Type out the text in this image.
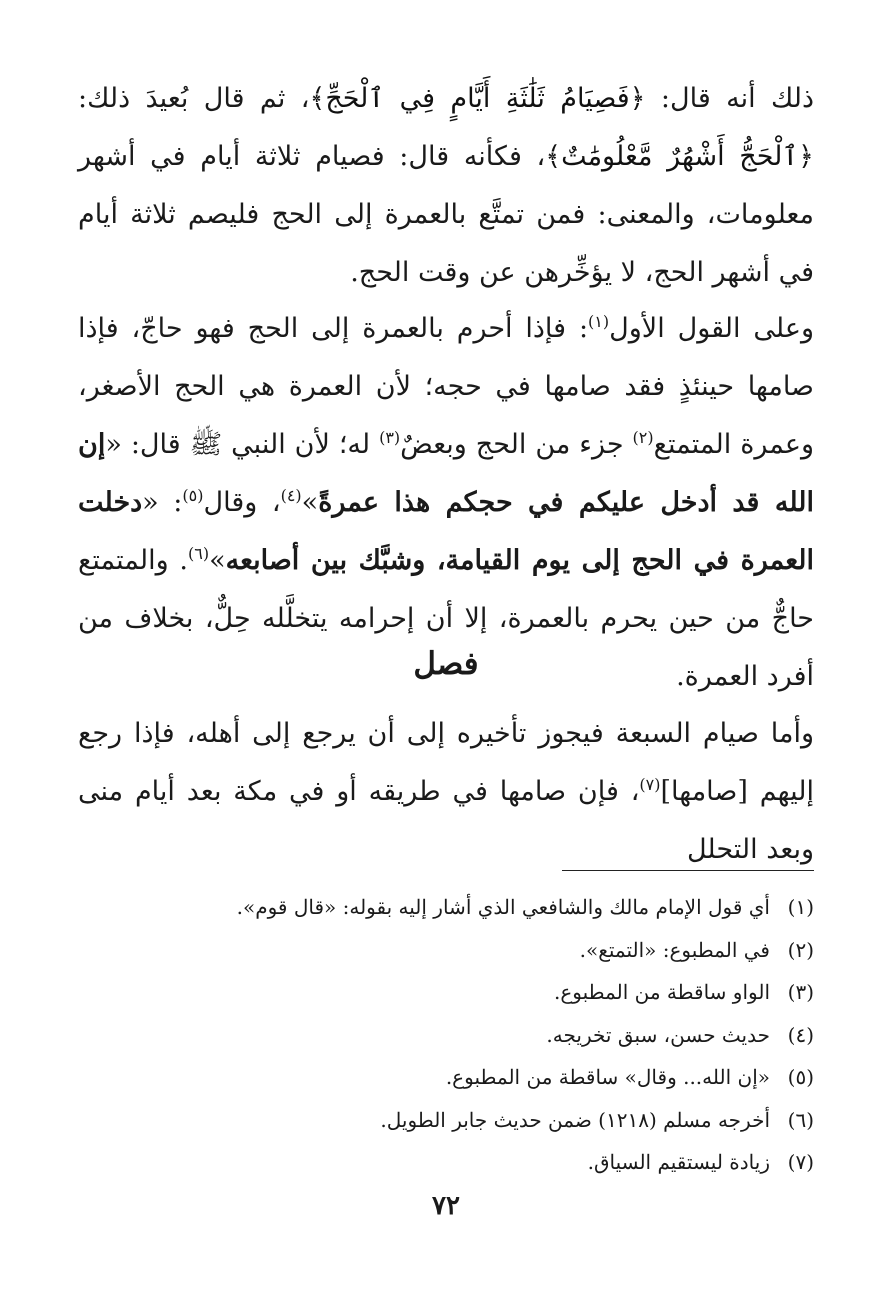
ذلك أنه قال: ﴿فَصِيَامُ ثَلَٰثَةِ أَيَّامٍ فِي ٱلْحَجِّ﴾، ثم قال بُعيدَ ذلك: ﴿ٱلْحَجُّ أَشْهُرٌ مَّعْلُومَٰتٌ﴾، فكأنه قال: فصيام ثلاثة أيام في أشهر معلومات، والمعنى: فمن تمتَّع بالعمرة إلى الحج فليصم ثلاثة أيام في أشهر الحج، لا يؤخِّرهن عن وقت الحج.

وعلى القول الأول$^{(١)}$: فإذا أحرم بالعمرة إلى الحج فهو حاجّ، فإذا صامها حينئذٍ فقد صامها في حجه؛ لأن العمرة هي الحج الأصغر، وعمرة المتمتع$^{(٢)}$ جزء من الحج وبعضٌ$^{(٣)}$ له؛ لأن النبي ﷺ قال: «إن الله قد أدخل عليكم في حجكم هذا عمرةً»$^{(٤)}$، وقال$^{(٥)}$: «دخلت العمرة في الحج إلى يوم القيامة، وشبَّك بين أصابعه»$^{(٦)}$. والمتمتع حاجٌّ من حين يحرم بالعمرة، إلا أن إحرامه يتخلَّله حِلٌّ، بخلاف من أفرد العمرة.

فصل

وأما صيام السبعة فيجوز تأخيره إلى أن يرجع إلى أهله، فإذا رجع إليهم [صامها]$^{(٧)}$، فإن صامها في طريقه أو في مكة بعد أيام منى وبعد التحلل

(١)أي قول الإمام مالك والشافعي الذي أشار إليه بقوله: «قال قوم».
(٢)في المطبوع: «التمتع».
(٣)الواو ساقطة من المطبوع.
(٤)حديث حسن، سبق تخريجه.
(٥)«إن الله... وقال» ساقطة من المطبوع.
(٦)أخرجه مسلم (١٢١٨) ضمن حديث جابر الطويل.
(٧)زيادة ليستقيم السياق.
٧٢
